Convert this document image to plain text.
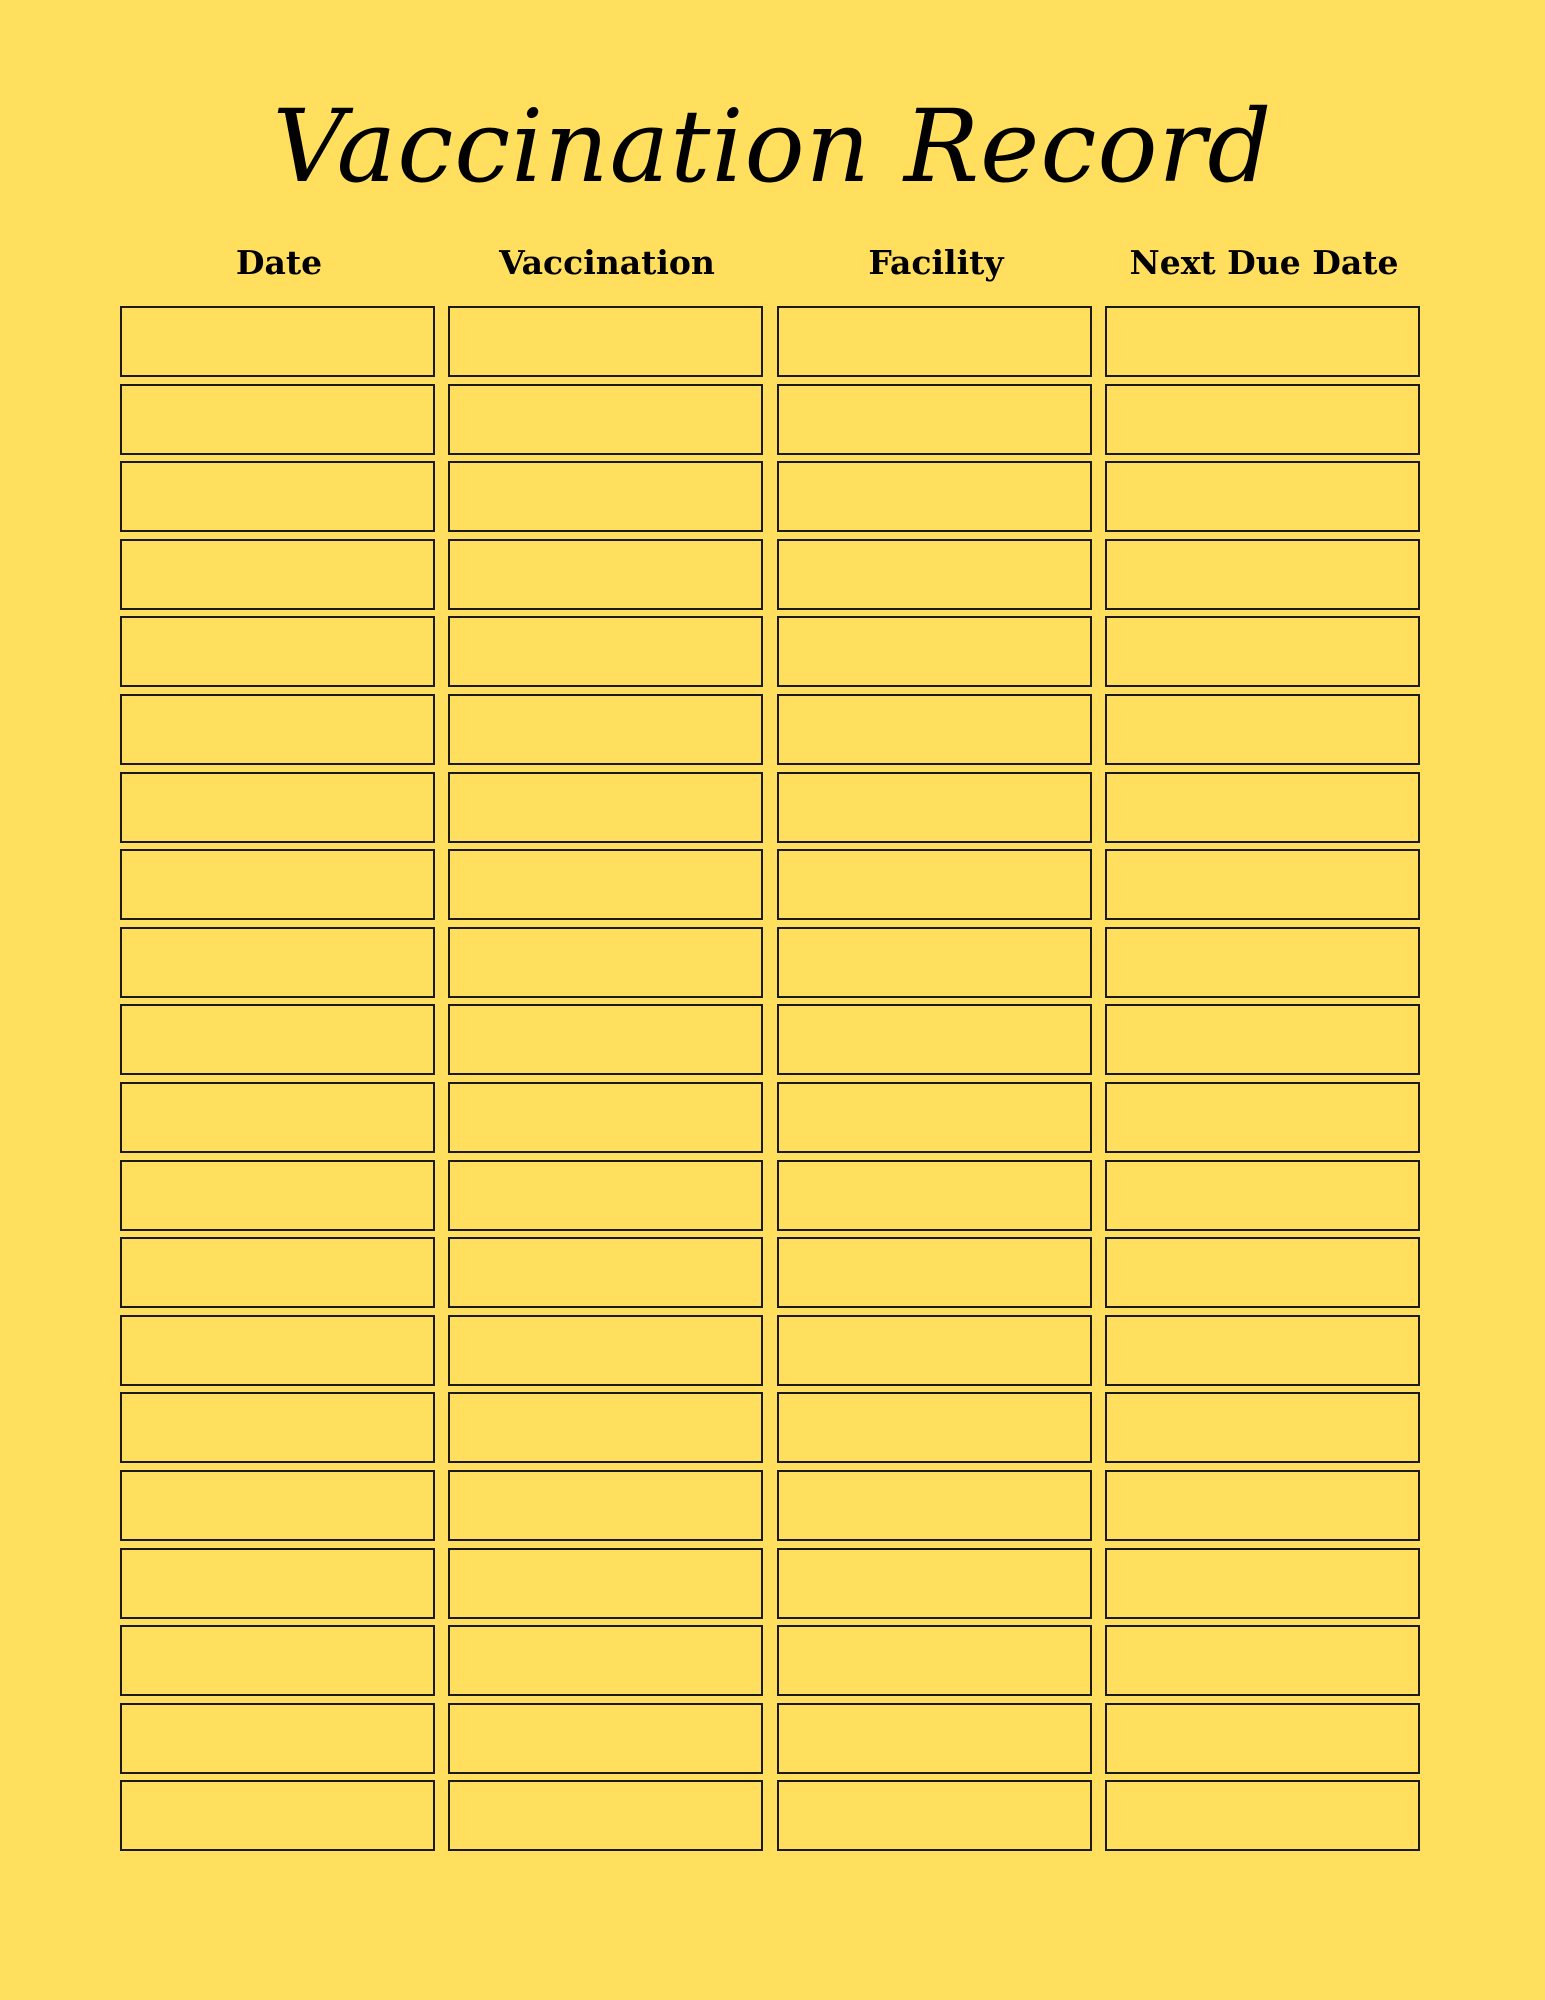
Vaccination Record
Date	Vaccination	Facility	Next Due Date
